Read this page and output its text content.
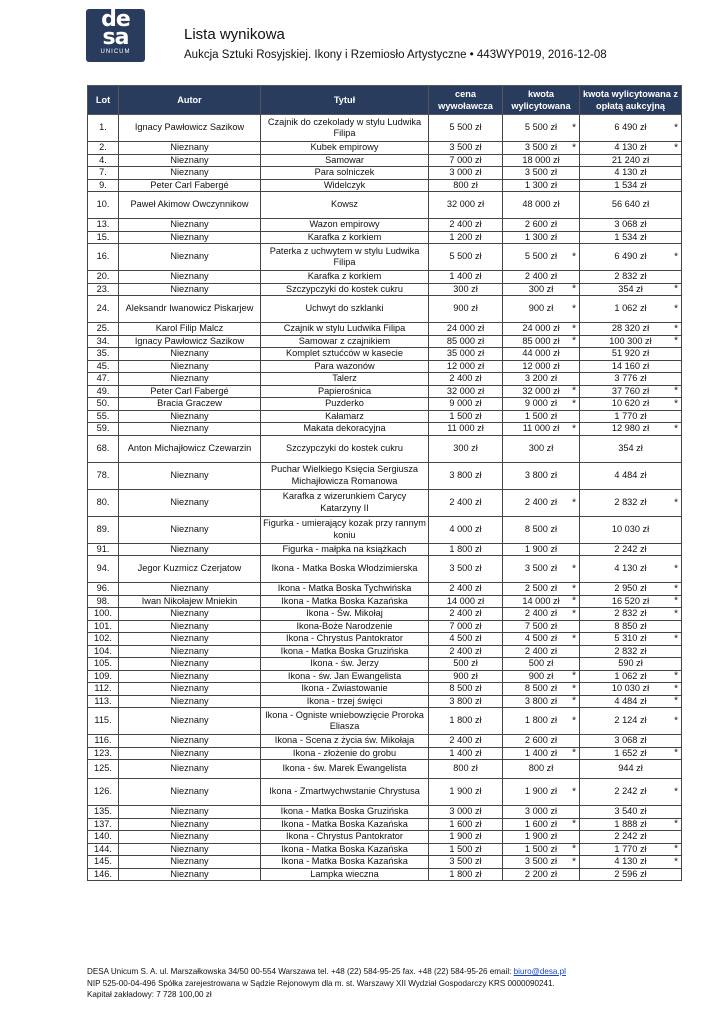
de
sa
UNICUM
Lista wynikowa
Aukcja Sztuki Rosyjskiej. Ikony i Rzemiosło Artystyczne • 443WYP019, 2016-12-08
Lot	Autor	Tytuł	cena wywoławcza	kwota wylicytowana	kwota wylicytowana z opłatą aukcyjną
1.	Ignacy Pawłowicz Sazikow	Czajnik do czekolady w stylu Ludwika Filipa	5 500 zł	5 500 zł *	6 490 zł *

2.	Nieznany	Kubek empirowy	3 500 zł	3 500 zł *	4 130 zł *

4.	Nieznany	Samowar	7 000 zł	18 000 zł	21 240 zł

7.	Nieznany	Para solniczek	3 000 zł	3 500 zł	4 130 zł

9.	Peter Carl Fabergé	Widelczyk	800 zł	1 300 zł	1 534 zł

10.	Paweł Akimow Owczynnikow	Kowsz	32 000 zł	48 000 zł	56 640 zł

13.	Nieznany	Wazon empirowy	2 400 zł	2 600 zł	3 068 zł

15.	Nieznany	Karafka z korkiem	1 200 zł	1 300 zł	1 534 zł

16.	Nieznany	Paterka z uchwytem w stylu Ludwika Filipa	5 500 zł	5 500 zł *	6 490 zł *

20.	Nieznany	Karafka z korkiem	1 400 zł	2 400 zł	2 832 zł

23.	Nieznany	Szczypczyki do kostek cukru	300 zł	300 zł *	354 zł *

24.	Aleksandr Iwanowicz Piskarjew	Uchwyt do szklanki	900 zł	900 zł *	1 062 zł *

25.	Karol Filip Malcz	Czajnik w stylu Ludwika Filipa	24 000 zł	24 000 zł *	28 320 zł *

34.	Ignacy Pawłowicz Sazikow	Samowar z czajnikiem	85 000 zł	85 000 zł *	100 300 zł *

35.	Nieznany	Komplet sztućców w kasecie	35 000 zł	44 000 zł	51 920 zł

45.	Nieznany	Para wazonów	12 000 zł	12 000 zł	14 160 zł

47.	Nieznany	Talerz	2 400 zł	3 200 zł	3 776 zł

49.	Peter Carl Fabergé	Papierośnica	32 000 zł	32 000 zł *	37 760 zł *

50.	Bracia Graczew	Puzderko	9 000 zł	9 000 zł *	10 620 zł *

55.	Nieznany	Kałamarz	1 500 zł	1 500 zł	1 770 zł

59.	Nieznany	Makata dekoracyjna	11 000 zł	11 000 zł *	12 980 zł *

68.	Anton Michajłowicz Czewarzin	Szczypczyki do kostek cukru	300 zł	300 zł	354 zł

78.	Nieznany	Puchar Wielkiego Księcia Sergiusza Michajłowicza Romanowa	3 800 zł	3 800 zł	4 484 zł

80.	Nieznany	Karafka z wizerunkiem Carycy Katarzyny II	2 400 zł	2 400 zł *	2 832 zł *

89.	Nieznany	Figurka - umierający kozak przy rannym koniu	4 000 zł	8 500 zł	10 030 zł

91.	Nieznany	Figurka - małpka na książkach	1 800 zł	1 900 zł	2 242 zł

94.	Jegor Kuzmicz Czerjatow	Ikona - Matka Boska Włodzimierska	3 500 zł	3 500 zł *	4 130 zł *

96.	Nieznany	Ikona - Matka Boska Tychwińska	2 400 zł	2 500 zł *	2 950 zł *

98.	Iwan Nikołajew Mniekin	Ikona - Matka Boska Kazańska	14 000 zł	14 000 zł *	16 520 zł *

100.	Nieznany	Ikona - Św. Mikołaj	2 400 zł	2 400 zł *	2 832 zł *

101.	Nieznany	Ikona-Boże Narodzenie	7 000 zł	7 500 zł	8 850 zł

102.	Nieznany	Ikona - Chrystus Pantokrator	4 500 zł	4 500 zł *	5 310 zł *

104.	Nieznany	Ikona - Matka Boska Gruzińska	2 400 zł	2 400 zł	2 832 zł

105.	Nieznany	Ikona - św. Jerzy	500 zł	500 zł	590 zł

109.	Nieznany	Ikona - św. Jan Ewangelista	900 zł	900 zł *	1 062 zł *

112.	Nieznany	Ikona - Zwiastowanie	8 500 zł	8 500 zł *	10 030 zł *

113.	Nieznany	Ikona - trzej święci	3 800 zł	3 800 zł *	4 484 zł *

115.	Nieznany	Ikona - Ogniste wniebowzięcie Proroka Eliasza	1 800 zł	1 800 zł *	2 124 zł *

116.	Nieznany	Ikona - Scena z życia św. Mikołaja	2 400 zł	2 600 zł	3 068 zł

123.	Nieznany	Ikona - złożenie do grobu	1 400 zł	1 400 zł *	1 652 zł *

125.	Nieznany	Ikona - św. Marek Ewangelista	800 zł	800 zł	944 zł

126.	Nieznany	Ikona - Zmartwychwstanie Chrystusa	1 900 zł	1 900 zł *	2 242 zł *

135.	Nieznany	Ikona - Matka Boska Gruzińska	3 000 zł	3 000 zł	3 540 zł

137.	Nieznany	Ikona - Matka Boska Kazańska	1 600 zł	1 600 zł *	1 888 zł *

140.	Nieznany	Ikona - Chrystus Pantokrator	1 900 zł	1 900 zł	2 242 zł

144.	Nieznany	Ikona - Matka Boska Kazańska	1 500 zł	1 500 zł *	1 770 zł *

145.	Nieznany	Ikona - Matka Boska Kazańska	3 500 zł	3 500 zł *	4 130 zł *

146.	Nieznany	Lampka wieczna	1 800 zł	2 200 zł	2 596 zł
DESA Unicum S. A. ul. Marszałkowska 34/50 00-554 Warszawa tel. +48 (22) 584-95-25 fax. +48 (22) 584-95-26 email: biuro@desa.pl
NIP 525-00-04-496 Spółka zarejestrowana w Sądzie Rejonowym dla m. st. Warszawy XII Wydział Gospodarczy KRS 0000090241.
Kapitał zakładowy: 7 728 100,00 zł
